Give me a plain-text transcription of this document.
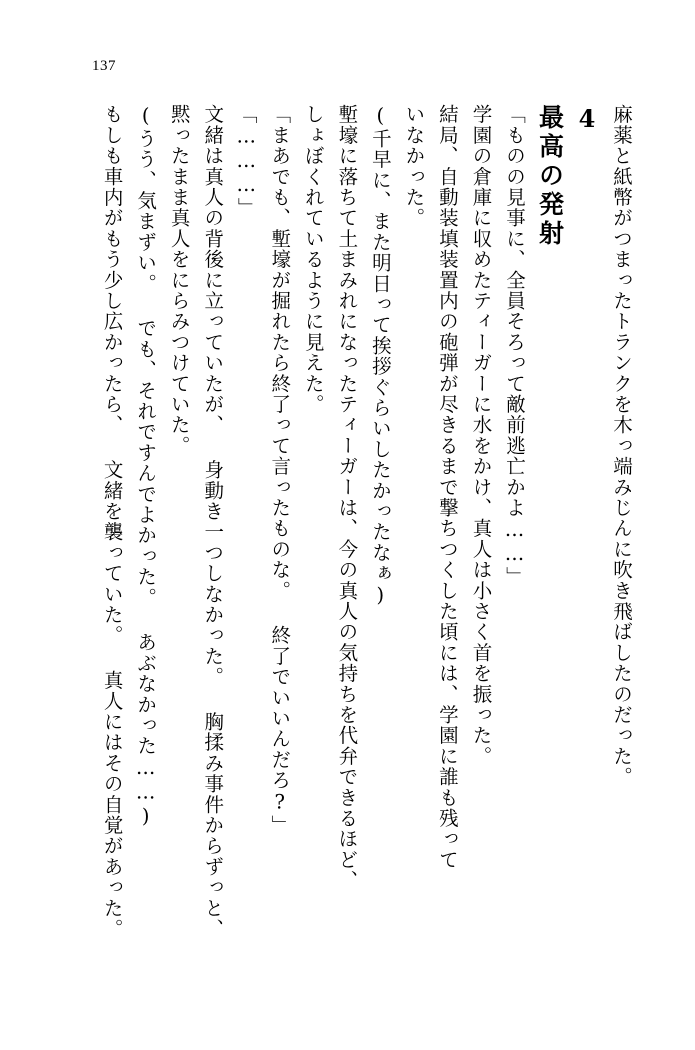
137
麻薬と紙幣がつまったトランクを木っ端みじんに吹き飛ばしたのだった。
4
最高の発射
「ものの見事に、全員そろって敵前逃亡かよ……」
学園の倉庫に収めたティーガーに水をかけ、真人は小さく首を振った。
結局、自動装填装置内の砲弾が尽きるまで撃ちつくした頃には、学園に誰も残って
いなかった。
(千早に、また明日って挨拶ぐらいしたかったなぁ)
塹壕に落ちて土まみれになったティーガーは、今の真人の気持ちを代弁できるほど、
しょぼくれているように見えた。
「まあでも、塹壕が掘れたら終了って言ったものな。 終了でいいんだろ?」
「………」
文緒は真人の背後に立っていたが、 身動き一つしなかった。 胸揉み事件からずっと、
黙ったまま真人をにらみつけていた。
(うう、気まずい。 でも、それですんでよかった。 あぶなかった……)
もしも車内がもう少し広かったら、 文緒を襲っていた。 真人にはその自覚があった。
